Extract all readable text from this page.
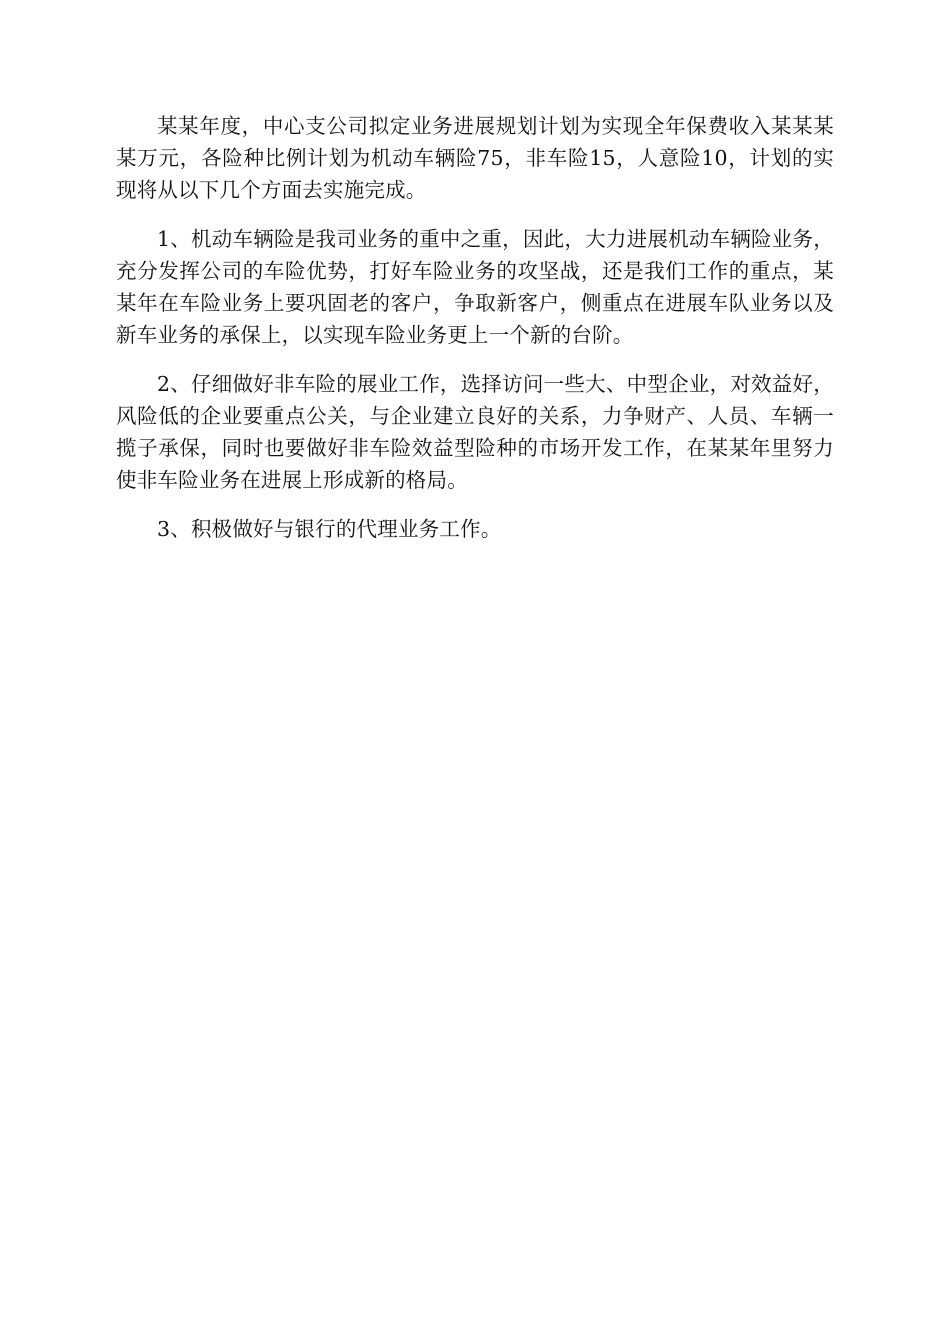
某某年度，中心支公司拟定业务进展规划计划为实现全年保费收入某某某某万元，各险种比例计划为机动车辆险75，非车险15，人意险10，计划的实现将从以下几个方面去实施完成。

1、机动车辆险是我司业务的重中之重，因此，大力进展机动车辆险业务，充分发挥公司的车险优势，打好车险业务的攻坚战，还是我们工作的重点，某某年在车险业务上要巩固老的客户，争取新客户，侧重点在进展车队业务以及新车业务的承保上，以实现车险业务更上一个新的台阶。

2、仔细做好非车险的展业工作，选择访问一些大、中型企业，对效益好，风险低的企业要重点公关，与企业建立良好的关系，力争财产、人员、车辆一揽子承保，同时也要做好非车险效益型险种的市场开发工作，在某某年里努力使非车险业务在进展上形成新的格局。

3、积极做好与银行的代理业务工作。
